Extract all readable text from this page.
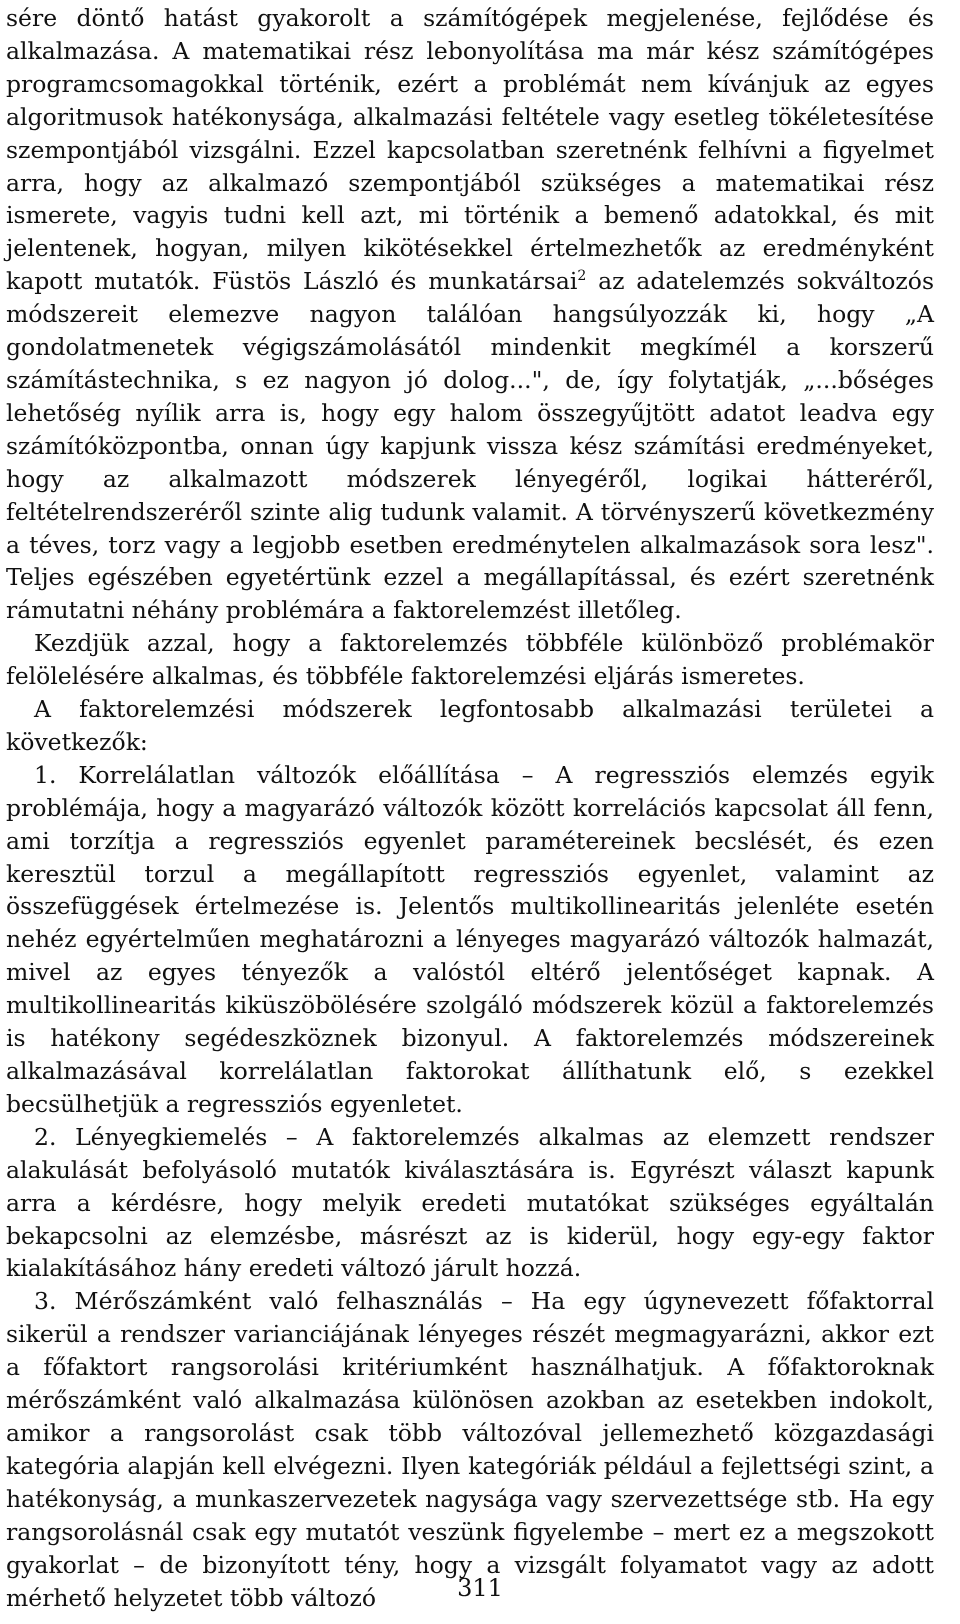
sére döntő hatást gyakorolt a számítógépek megjelenése, fejlődése és alkalmazása. A matematikai rész lebonyolítása ma már kész számítógépes programcsomagokkal történik, ezért a problémát nem kívánjuk az egyes algoritmusok hatékonysága, alkalmazási feltétele vagy esetleg tökéletesítése szempontjából vizsgálni. Ezzel kapcsolatban szeretnénk felhívni a figyelmet arra, hogy az alkalmazó szempontjából szükséges a matematikai rész ismerete, vagyis tudni kell azt, mi történik a bemenő adatokkal, és mit jelentenek, hogyan, milyen kikötésekkel értelmezhetők az eredményként kapott mutatók. Füstös László és munkatársai$^2$ az adatelemzés sokváltozós módszereit elemezve nagyon találóan hangsúlyozzák ki, hogy „A gondolatmenetek végigszámolásától mindenkit megkímél a korszerű számítástechnika, s ez nagyon jó dolog...", de, így folytatják, „...bőséges lehetőség nyílik arra is, hogy egy halom összegyűjtött adatot leadva egy számítóközpontba, onnan úgy kapjunk vissza kész számítási eredményeket, hogy az alkalmazott módszerek lényegéről, logikai hátteréről, feltételrendszeréről szinte alig tudunk valamit. A törvényszerű következmény a téves, torz vagy a legjobb esetben eredménytelen alkalmazások sora lesz". Teljes egészében egyetértünk ezzel a megállapítással, és ezért szeretnénk rámutatni néhány problémára a faktorelemzést illetőleg.

Kezdjük azzal, hogy a faktorelemzés többféle különböző problémakör felölelésére alkalmas, és többféle faktorelemzési eljárás ismeretes.

A faktorelemzési módszerek legfontosabb alkalmazási területei a következők:

1. Korrelálatlan változók előállítása – A regressziós elemzés egyik problémája, hogy a magyarázó változók között korrelációs kapcsolat áll fenn, ami torzítja a regressziós egyenlet paramétereinek becslését, és ezen keresztül torzul a megállapított regressziós egyenlet, valamint az összefüggések értelmezése is. Jelentős multikollinearitás jelenléte esetén nehéz egyértelműen meghatározni a lényeges magyarázó változók halmazát, mivel az egyes tényezők a valóstól eltérő jelentőséget kapnak. A multikollinearitás kiküszöbölésére szolgáló módszerek közül a faktorelemzés is hatékony segédeszköznek bizonyul. A faktorelemzés módszereinek alkalmazásával korrelálatlan faktorokat állíthatunk elő, s ezekkel becsülhetjük a regressziós egyenletet.

2. Lényegkiemelés – A faktorelemzés alkalmas az elemzett rendszer alakulását befolyásoló mutatók kiválasztására is. Egyrészt választ kapunk arra a kérdésre, hogy melyik eredeti mutatókat szükséges egyáltalán bekapcsolni az elemzésbe, másrészt az is kiderül, hogy egy-egy faktor kialakításához hány eredeti változó járult hozzá.

3. Mérőszámként való felhasználás – Ha egy úgynevezett főfaktorral sikerül a rendszer varianciájának lényeges részét megmagyarázni, akkor ezt a főfaktort rangsorolási kritériumként használhatjuk. A főfaktoroknak mérőszámként való alkalmazása különösen azokban az esetekben indokolt, amikor a rangsorolást csak több változóval jellemezhető közgazdasági kategória alapján kell elvégezni. Ilyen kategóriák például a fejlettségi szint, a hatékonyság, a munkaszervezetek nagysága vagy szervezettsége stb. Ha egy rangsorolásnál csak egy mutatót veszünk figyelembe – mert ez a megszokott gyakorlat – de bizonyított tény, hogy a vizsgált folyamatot vagy az adott mérhető helyzetet több változó	311
